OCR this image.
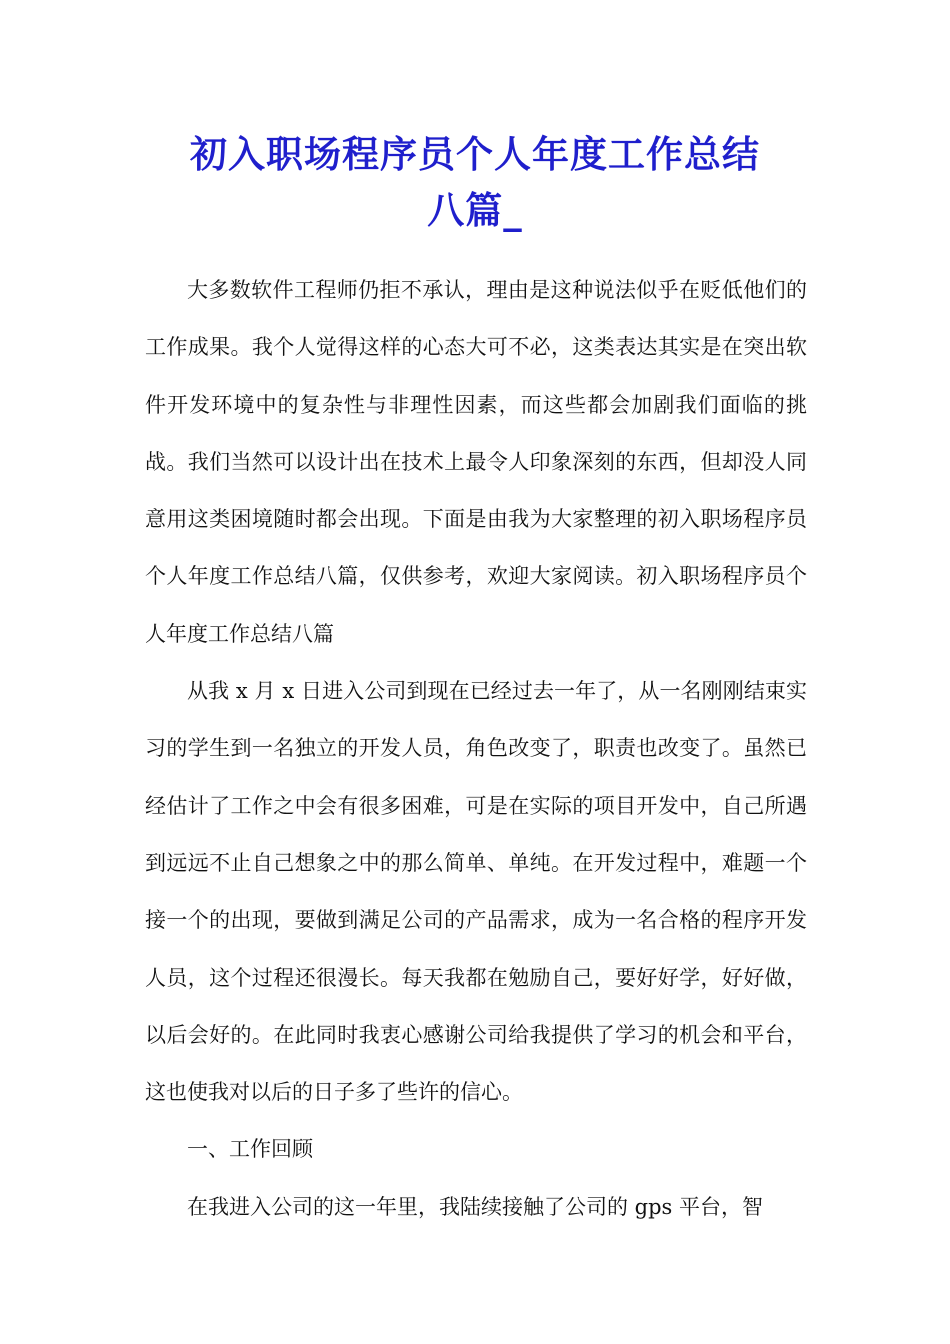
初入职场程序员个人年度工作总结
八篇_

大多数软件工程师仍拒不承认，理由是这种说法似乎在贬低他们的工作成果。我个人觉得这样的心态大可不必，这类表达其实是在突出软件开发环境中的复杂性与非理性因素，而这些都会加剧我们面临的挑战。我们当然可以设计出在技术上最令人印象深刻的东西，但却没人同意用这类困境随时都会出现。下面是由我为大家整理的初入职场程序员个人年度工作总结八篇，仅供参考，欢迎大家阅读。初入职场程序员个人年度工作总结八篇

从我 x 月 x 日进入公司到现在已经过去一年了，从一名刚刚结束实习的学生到一名独立的开发人员，角色改变了，职责也改变了。虽然已经估计了工作之中会有很多困难，可是在实际的项目开发中，自己所遇到远远不止自己想象之中的那么简单、单纯。在开发过程中，难题一个接一个的出现，要做到满足公司的产品需求，成为一名合格的程序开发人员，这个过程还很漫长。每天我都在勉励自己，要好好学，好好做，以后会好的。在此同时我衷心感谢公司给我提供了学习的机会和平台，这也使我对以后的日子多了些许的信心。

一、工作回顾

在我进入公司的这一年里，我陆续接触了公司的 gps 平台，智
